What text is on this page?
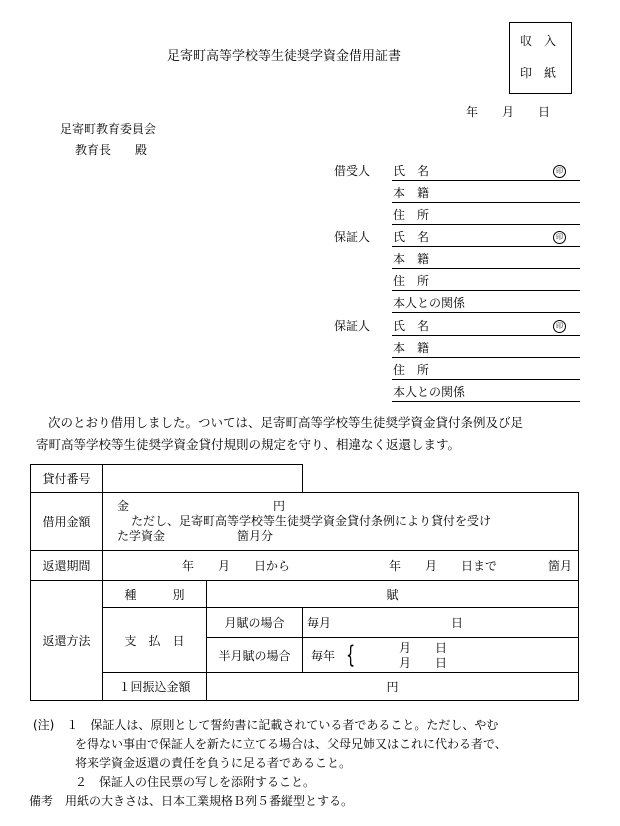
足寄町高等学校等生徒奨学資金借用証書
収　入
印　紙
年　　月　　日
足寄町教育委員会
教育長　　殿
借受人 氏　名	印
本　籍
住　所
保証人 氏　名	印
本　籍
住　所
本人との関係
保証人 氏　名	印
本　籍
住　所
本人との関係
次のとおり借用しました。ついては、足寄町高等学校等生徒奨学資金貸付条例及び足
寄町高等学校等生徒奨学資金貸付規則の規定を守り、相違なく返還します。
貸付番号			
借用金額	金　　　　　　　　　　　　円
ただし、足寄町高等学校等生徒奨学資金貸付条例により貸付を受け
た学資金　　　　　　箇月分		

返還期間	年　　月　　日から 年　　月　　日まで 箇月		

返還方法	種　　　別	賦	
	支　払　日	月賦の場合	毎月　　　　　　　　　　日
		半月賦の場合	毎年 { 月　　日
月　　日

	１回振込金額	円	
(注)　１　保証人は、原則として誓約書に記載されている者であること。ただし、やむ
を得ない事由で保証人を新たに立てる場合は、父母兄姉又はこれに代わる者で、
将来学資金返還の責任を負うに足る者であること。
２　保証人の住民票の写しを添附すること。
備考　用紙の大きさは、日本工業規格Ｂ列５番縦型とする。
